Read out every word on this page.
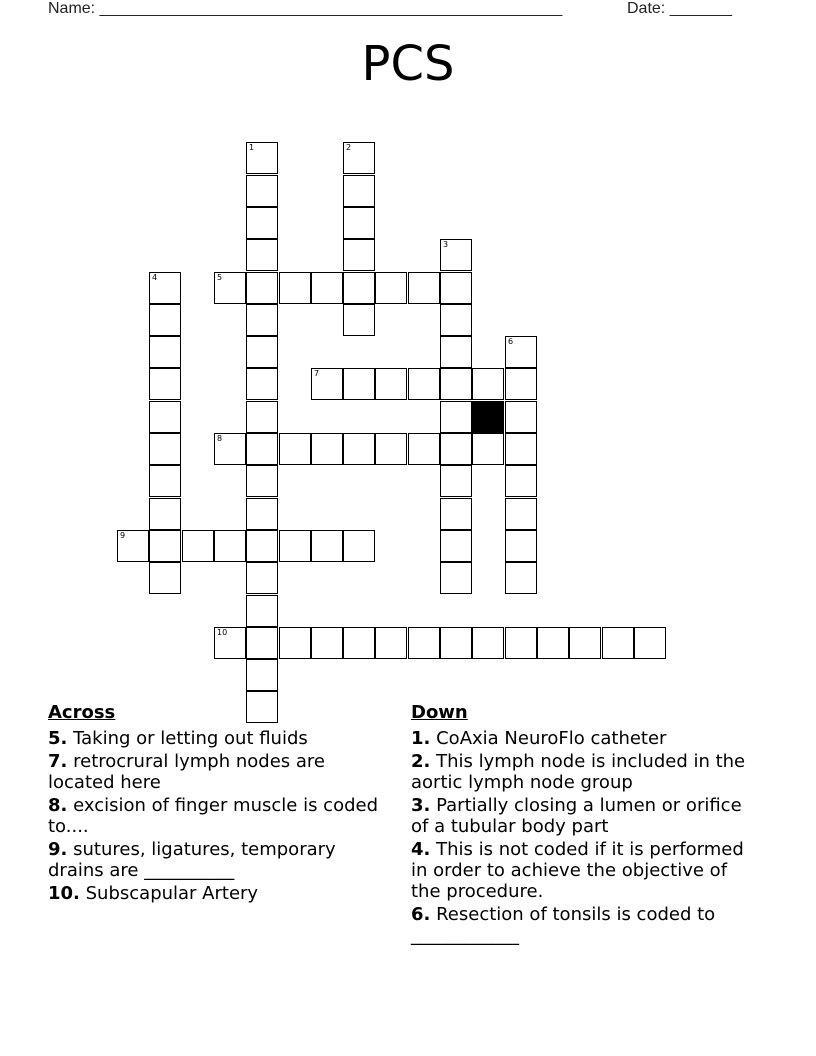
Name: ____________________________________________________	Date: _______
PCS
1	2
3
4	5
6
7
8
9
10
Across
5. Taking or letting out fluids
7. retrocrural lymph nodes are located here
8. excision of finger muscle is coded to....
9. sutures, ligatures, temporary drains are __________
10. Subscapular Artery
Down
1. CoAxia NeuroFlo catheter
2. This lymph node is included in the aortic lymph node group
3. Partially closing a lumen or orifice of a tubular body part
4. This is not coded if it is performed in order to achieve the objective of the procedure.
6. Resection of tonsils is coded to ____________
